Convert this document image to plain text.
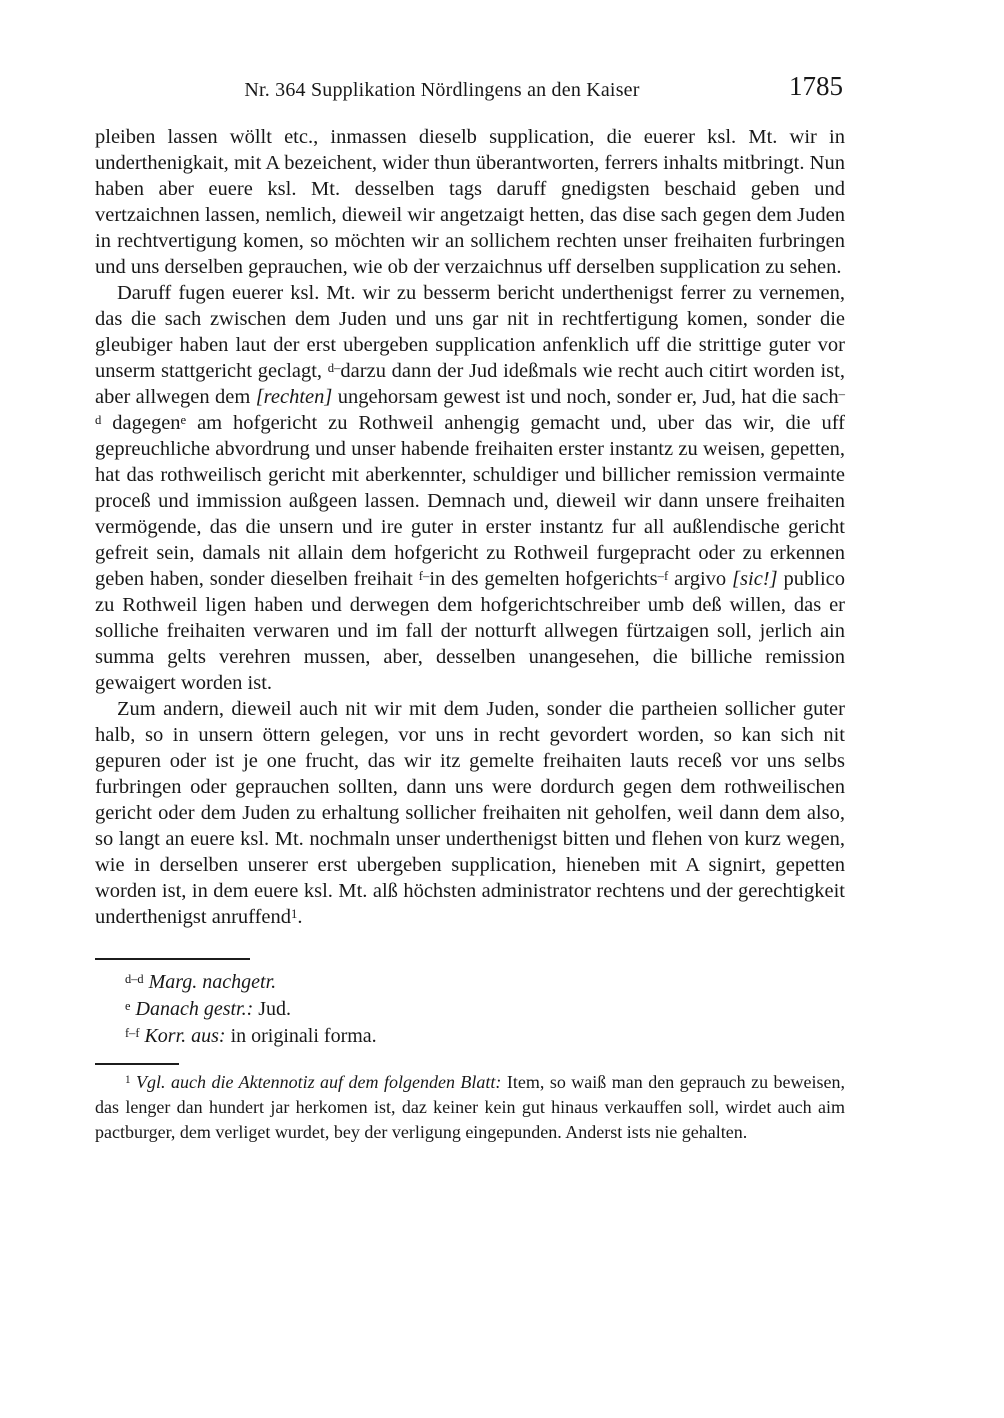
Nr. 364 Supplikation Nördlingens an den Kaiser	1785

pleiben lassen wöllt etc., inmassen dieselb supplication, die euerer ksl. Mt. wir in underthenigkait, mit A bezeichent, wider thun überantworten, ferrers inhalts mitbringt. Nun haben aber euere ksl. Mt. desselben tags daruff gnedigsten beschaid geben und vertzaichnen lassen, nemlich, dieweil wir angetzaigt hetten, das dise sach gegen dem Juden in rechtvertigung komen, so möchten wir an sollichem rechten unser freihaiten furbringen und uns derselben geprauchen, wie ob der verzaichnus uff derselben supplication zu sehen.

Daruff fugen euerer ksl. Mt. wir zu besserm bericht underthenigst ferrer zu vernemen, das die sach zwischen dem Juden und uns gar nit in rechtfertigung komen, sonder die gleubiger haben laut der erst ubergeben supplication anfenklich uff die strittige guter vor unserm stattgericht geclagt, $^{d-}$darzu dann der Jud ideßmals wie recht auch citirt worden ist, aber allwegen dem [rechten] ungehorsam gewest ist und noch, sonder er, Jud, hat die sach$^{-d}$ dagegen$^e$ am hofgericht zu Rothweil anhengig gemacht und, uber das wir, die uff gepreuchliche abvordrung und unser habende freihaiten erster instantz zu weisen, gepetten, hat das rothweilisch gericht mit aberkennter, schuldiger und billicher remission vermainte proceß und immission außgeen lassen. Demnach und, dieweil wir dann unsere freihaiten vermögende, das die unsern und ire guter in erster instantz fur all außlendische gericht gefreit sein, damals nit allain dem hofgericht zu Rothweil furgepracht oder zu erkennen geben haben, sonder dieselben freihait $^{f-}$in des gemelten hofgerichts$^{-f}$ argivo [sic!] publico zu Rothweil ligen haben und derwegen dem hofgerichtschreiber umb deß willen, das er solliche freihaiten verwaren und im fall der notturft allwegen fürtzaigen soll, jerlich ain summa gelts verehren mussen, aber, desselben unangesehen, die billiche remission gewaigert worden ist.

Zum andern, dieweil auch nit wir mit dem Juden, sonder die partheien sollicher guter halb, so in unsern öttern gelegen, vor uns in recht gevordert worden, so kan sich nit gepuren oder ist je one frucht, das wir itz gemelte freihaiten lauts receß vor uns selbs furbringen oder geprauchen sollten, dann uns were dordurch gegen dem rothweilischen gericht oder dem Juden zu erhaltung sollicher freihaiten nit geholfen, weil dann dem also, so langt an euere ksl. Mt. nochmaln unser underthenigst bitten und flehen von kurz wegen, wie in derselben unserer erst ubergeben supplication, hieneben mit A signirt, gepetten worden ist, in dem euere ksl. Mt. alß höchsten administrator rechtens und der gerechtigkeit underthenigst anruffend$^1$.

$^{d-d}$ Marg. nachgetr.

$^e$ Danach gestr.: Jud.

$^{f-f}$ Korr. aus: in originali forma.

$^1$ Vgl. auch die Aktennotiz auf dem folgenden Blatt: Item, so waiß man den geprauch zu beweisen, das lenger dan hundert jar herkomen ist, daz keiner kein gut hinaus verkauffen soll, wirdet auch aim pactburger, dem verliget wurdet, bey der verligung eingepunden. Anderst ists nie gehalten.
